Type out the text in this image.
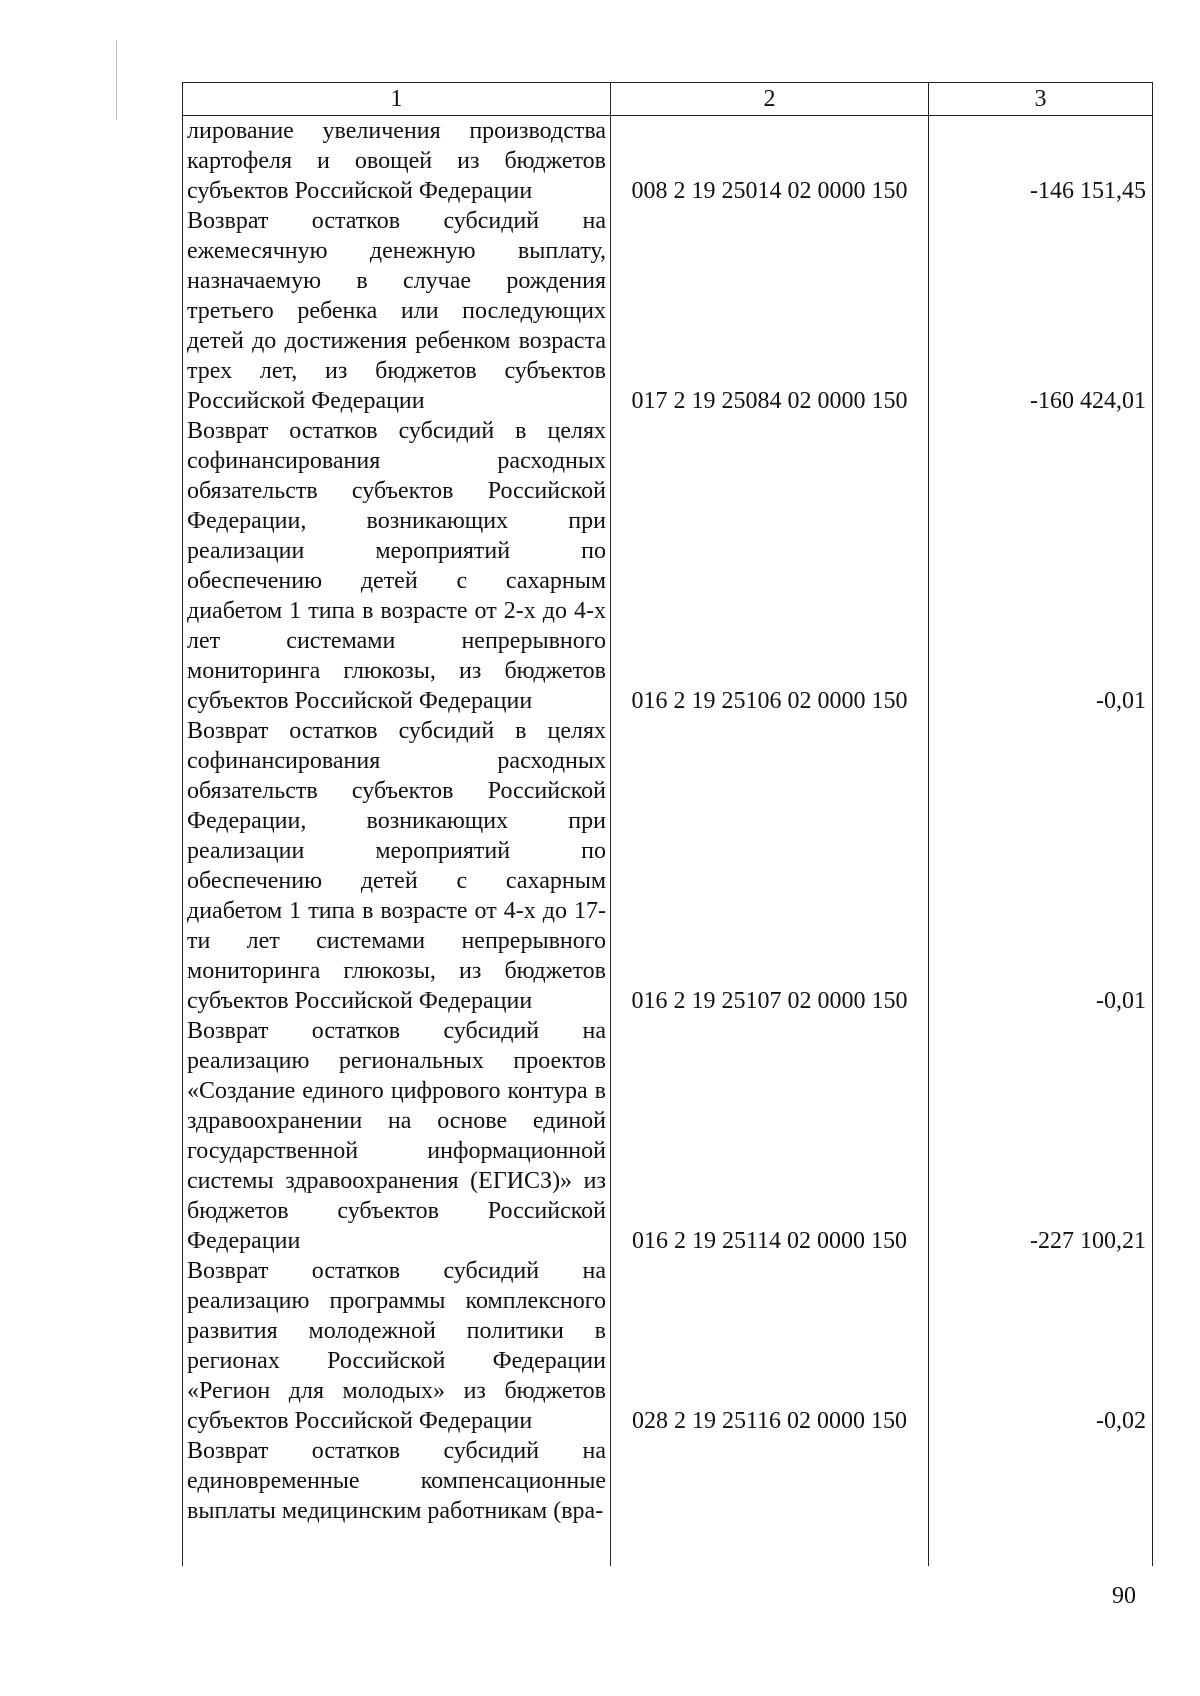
1	2	3
лирование увеличения производства картофеля и овощей из бюджетов субъектов Российской Федерации	008 2 19 25014 02 0000 150	-146 151,45
Возврат остатков субсидий на ежемесячную денежную выплату, назначаемую в случае рождения третьего ребенка или последующих детей до достижения ребенком возраста трех лет, из бюджетов субъектов Российской Федерации	017 2 19 25084 02 0000 150	-160 424,01
Возврат остатков субсидий в целях софинансирования расходных обязательств субъектов Российской Федерации, возникающих при реализации мероприятий по обеспечению детей с сахарным диабетом 1 типа в возрасте от 2-х до 4-х лет системами непрерывного мониторинга глюкозы, из бюджетов субъектов Российской Федерации	016 2 19 25106 02 0000 150	-0,01
Возврат остатков субсидий в целях софинансирования расходных обязательств субъектов Российской Федерации, возникающих при реализации мероприятий по обеспечению детей с сахарным диабетом 1 типа в возрасте от 4-х до 17-ти лет системами непрерывного мониторинга глюкозы, из бюджетов субъектов Российской Федерации	016 2 19 25107 02 0000 150	-0,01
Возврат остатков субсидий на реализацию региональных проектов «Создание единого цифрового контура в здравоохранении на основе единой государственной информационной системы здравоохранения (ЕГИСЗ)» из бюджетов субъектов Российской Федерации	016 2 19 25114 02 0000 150	-227 100,21
Возврат остатков субсидий на реализацию программы комплексного развития молодежной политики в регионах Российской Федерации «Регион для молодых» из бюджетов субъектов Российской Федерации	028 2 19 25116 02 0000 150	-0,02
Возврат остатков субсидий на единовременные компенсационные выплаты медицинским работникам (вра-		
90
